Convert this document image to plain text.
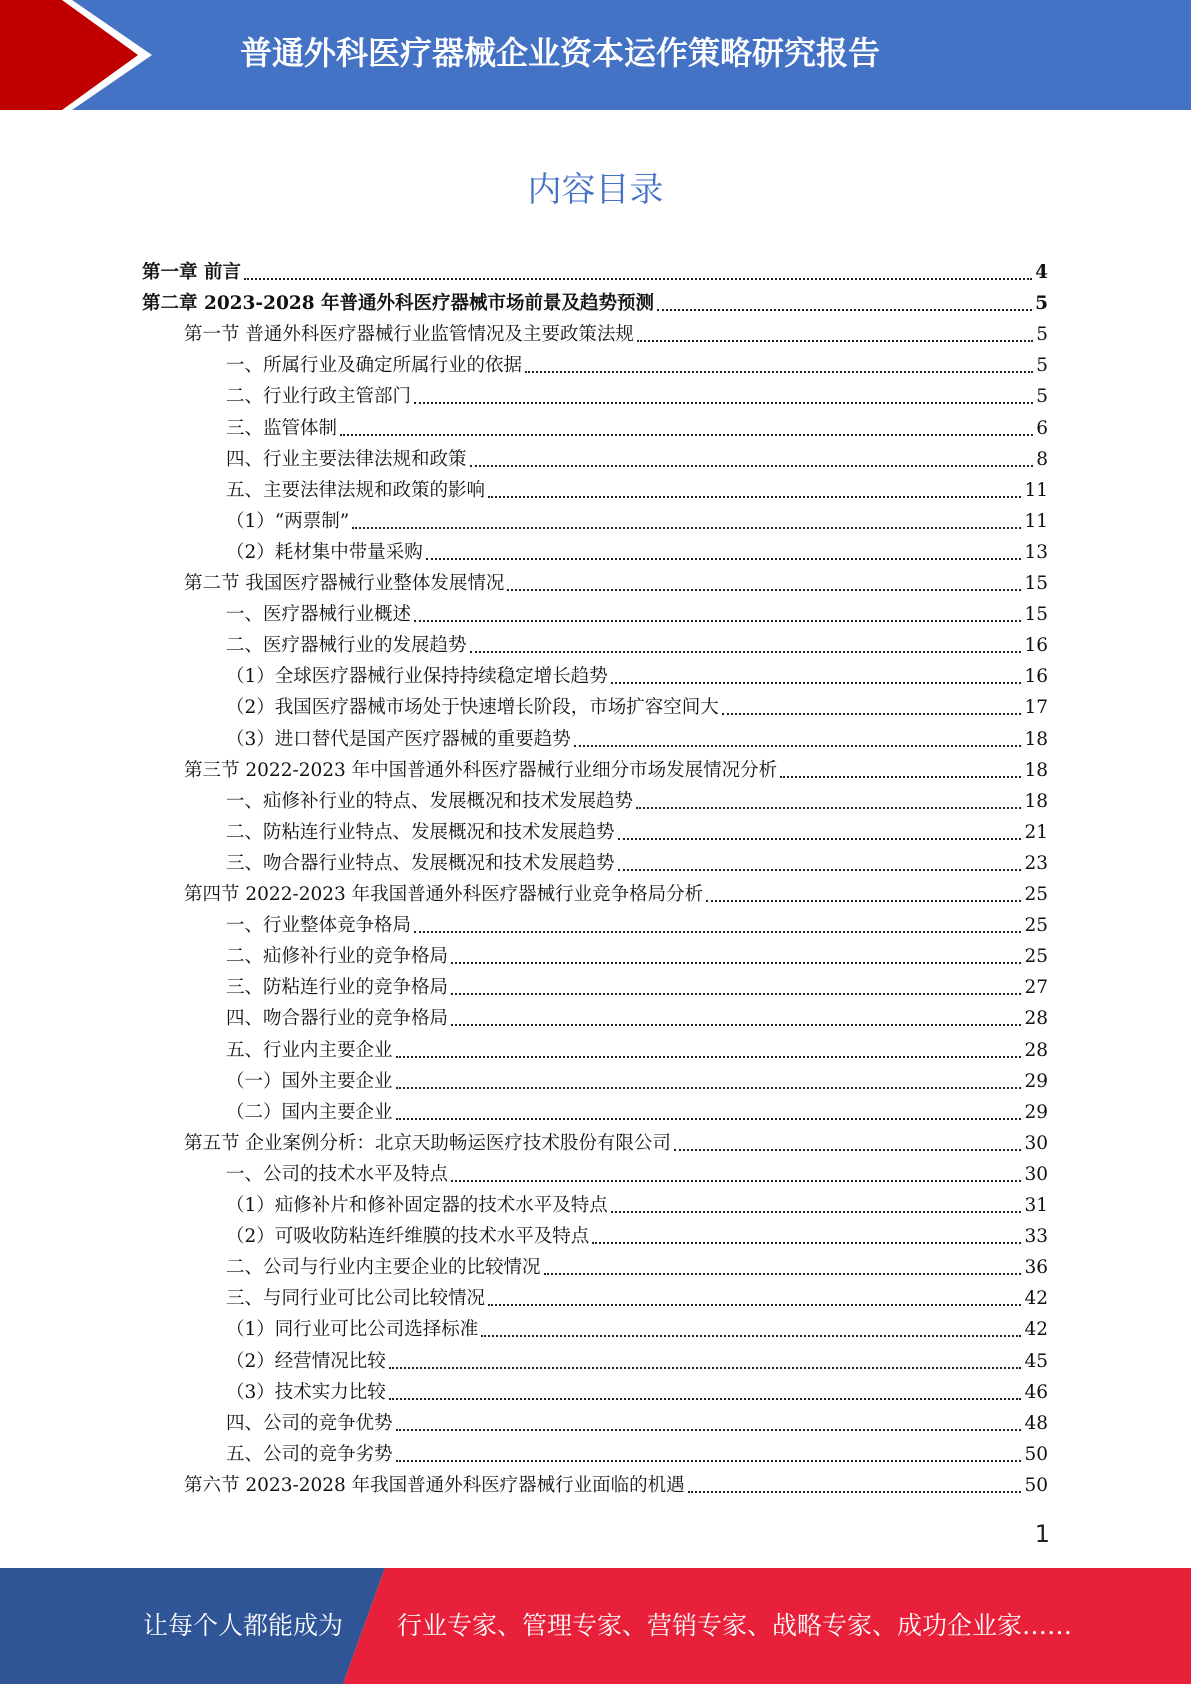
普通外科医疗器械企业资本运作策略研究报告
内容目录
第一章 前言	4
第二章 2023-2028 年普通外科医疗器械市场前景及趋势预测	5
第一节 普通外科医疗器械行业监管情况及主要政策法规	5
一、所属行业及确定所属行业的依据	5
二、行业行政主管部门	5
三、监管体制	6
四、行业主要法律法规和政策	8
五、主要法律法规和政策的影响	11
（1）“两票制”	11
（2）耗材集中带量采购	13
第二节 我国医疗器械行业整体发展情况	15
一、医疗器械行业概述	15
二、医疗器械行业的发展趋势	16
（1）全球医疗器械行业保持持续稳定增长趋势	16
（2）我国医疗器械市场处于快速增长阶段，市场扩容空间大	17
（3）进口替代是国产医疗器械的重要趋势	18
第三节 2022-2023 年中国普通外科医疗器械行业细分市场发展情况分析	18
一、疝修补行业的特点、发展概况和技术发展趋势	18
二、防粘连行业特点、发展概况和技术发展趋势	21
三、吻合器行业特点、发展概况和技术发展趋势	23
第四节 2022-2023 年我国普通外科医疗器械行业竞争格局分析	25
一、行业整体竞争格局	25
二、疝修补行业的竞争格局	25
三、防粘连行业的竞争格局	27
四、吻合器行业的竞争格局	28
五、行业内主要企业	28
（一）国外主要企业	29
（二）国内主要企业	29
第五节 企业案例分析：北京天助畅运医疗技术股份有限公司	30
一、公司的技术水平及特点	30
（1）疝修补片和修补固定器的技术水平及特点	31
（2）可吸收防粘连纤维膜的技术水平及特点	33
二、公司与行业内主要企业的比较情况	36
三、与同行业可比公司比较情况	42
（1）同行业可比公司选择标准	42
（2）经营情况比较	45
（3）技术实力比较	46
四、公司的竞争优势	48
五、公司的竞争劣势	50
第六节 2023-2028 年我国普通外科医疗器械行业面临的机遇	50
1
让每个人都能成为 行业专家、管理专家、营销专家、战略专家、成功企业家……
